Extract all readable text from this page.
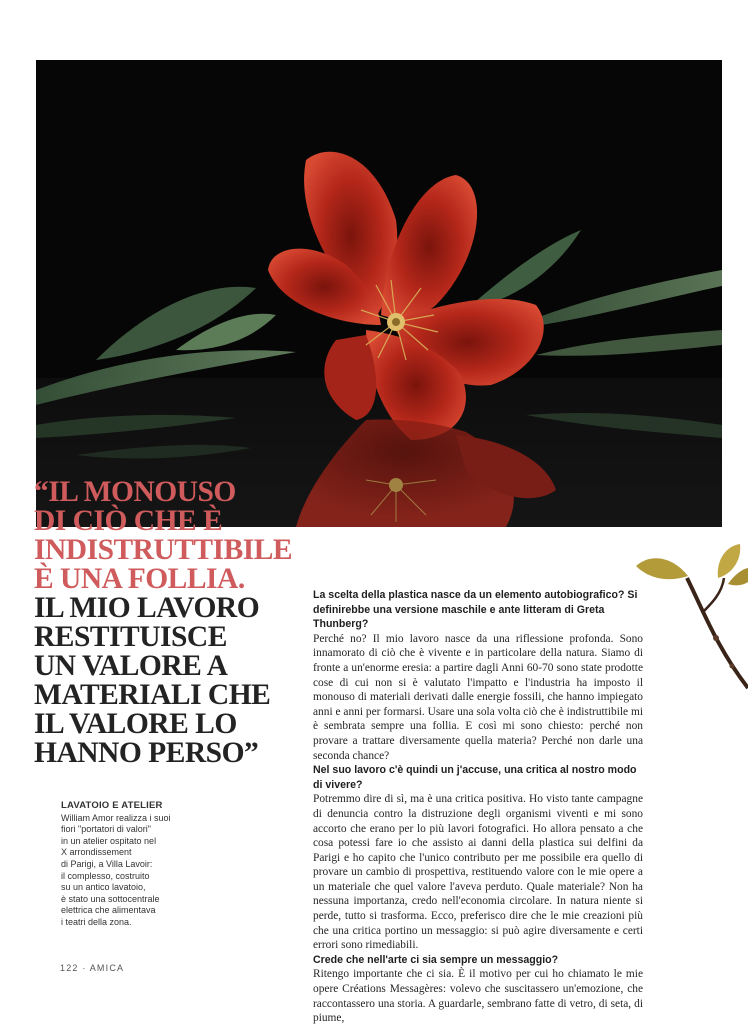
“IL MONOUSO
DI CIÒ CHE È
INDISTRUTTIBILE
È UNA FOLLIA.
IL MIO LAVORO
RESTITUISCE
UN VALORE A
MATERIALI CHE
IL VALORE LO
HANNO PERSO”
LAVATOIO E ATELIER
William Amor realizza i suoi
fiori "portatori di valori"
in un atelier ospitato nel
X arrondissement
di Parigi, a Villa Lavoir:
il complesso, costruito
su un antico lavatoio,
è stato una sottocentrale
elettrica che alimentava
i teatri della zona.

La scelta della plastica nasce da un elemento autobiografico? Si definirebbe una versione maschile e ante litteram di Greta Thunberg?

Perché no? Il mio lavoro nasce da una riflessione profonda. Sono innamorato di ciò che è vivente e in particolare della natura. Siamo di fronte a un'enorme eresia: a partire dagli Anni 60-70 sono state prodotte cose di cui non si è valutato l'impatto e l'industria ha imposto il monouso di materiali derivati dalle energie fossili, che hanno impiegato anni e anni per formarsi. Usare una sola volta ciò che è indistruttibile mi è sembrata sempre una follia. E così mi sono chiesto: perché non provare a trattare diversamente quella materia? Perché non darle una seconda chance?

Nel suo lavoro c'è quindi un j'accuse, una critica al nostro modo di vivere?

Potremmo dire di sì, ma è una critica positiva. Ho visto tante campagne di denuncia contro la distruzione degli organismi viventi e mi sono accorto che erano per lo più lavori fotografici. Ho allora pensato a che cosa potessi fare io che assisto ai danni della plastica sui delfini da Parigi e ho capito che l'unico contributo per me possibile era quello di provare un cambio di prospettiva, restituendo valore con le mie opere a un materiale che quel valore l'aveva perduto. Quale materiale? Non ha nessuna importanza, credo nell'economia circolare. In natura niente si perde, tutto si trasforma. Ecco, preferisco dire che le mie creazioni più che una critica portino un messaggio: si può agire diversamente e certi errori sono rimediabili.

Crede che nell'arte ci sia sempre un messaggio?

Ritengo importante che ci sia. È il motivo per cui ho chiamato le mie opere Créations Messagères: volevo che suscitassero un'emozione, che raccontassero una storia. A guardarle, sembrano fatte di vetro, di seta, di piume,

122 · AMICA
